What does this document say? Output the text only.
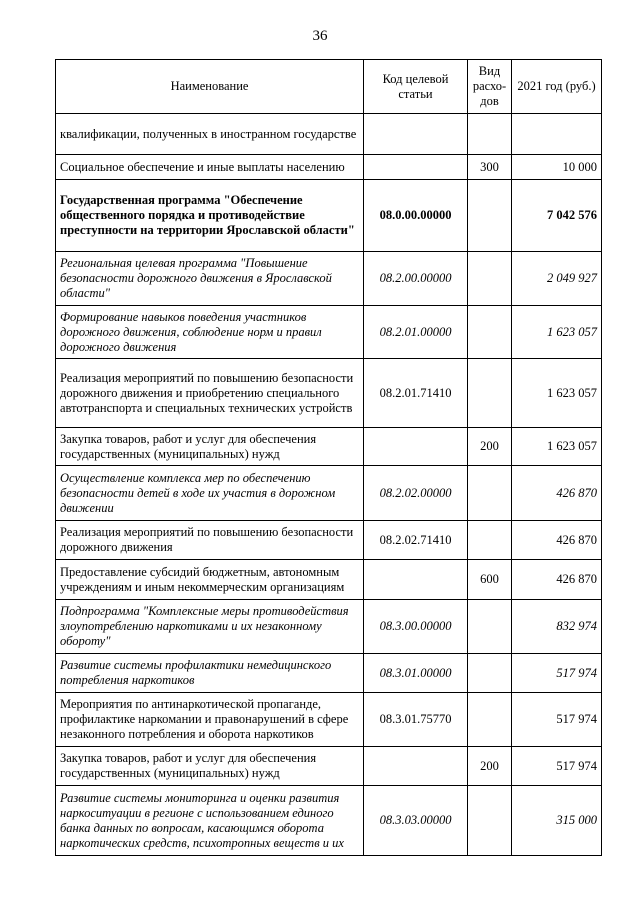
36
Наименование	Код целевой статьи	Вид расхо-дов	2021 год (руб.)
квалификации, полученных в иностранном государстве			
Социальное обеспечение и иные выплаты населению		300	10 000
Государственная программа "Обеспечение общественного порядка и противодействие преступности на территории Ярославской области"	08.0.00.00000		7 042 576
Региональная целевая программа "Повышение безопасности дорожного движения в Ярославской области"	08.2.00.00000		2 049 927
Формирование навыков поведения участников дорожного движения, соблюдение норм и правил дорожного движения	08.2.01.00000		1 623 057
Реализация мероприятий по повышению безопасности дорожного движения и приобретению специального автотранспорта и специальных технических устройств	08.2.01.71410		1 623 057
Закупка товаров, работ и услуг для обеспечения государственных (муниципальных) нужд		200	1 623 057
Осуществление комплекса мер по обеспечению безопасности детей в ходе их участия в дорожном движении	08.2.02.00000		426 870
Реализация мероприятий по повышению безопасности дорожного движения	08.2.02.71410		426 870
Предоставление субсидий бюджетным, автономным учреждениям и иным некоммерческим организациям		600	426 870
Подпрограмма "Комплексные меры противодействия злоупотреблению наркотиками и их незаконному обороту"	08.3.00.00000		832 974
Развитие системы профилактики немедицинского потребления наркотиков	08.3.01.00000		517 974
Мероприятия по антинаркотической пропаганде, профилактике наркомании и правонарушений в сфере незаконного потребления и оборота наркотиков	08.3.01.75770		517 974
Закупка товаров, работ и услуг для обеспечения государственных (муниципальных) нужд		200	517 974
Развитие системы мониторинга и оценки развития наркоситуации в регионе с использованием единого банка данных по вопросам, касающимся оборота наркотических средств, психотропных веществ и их	08.3.03.00000		315 000
